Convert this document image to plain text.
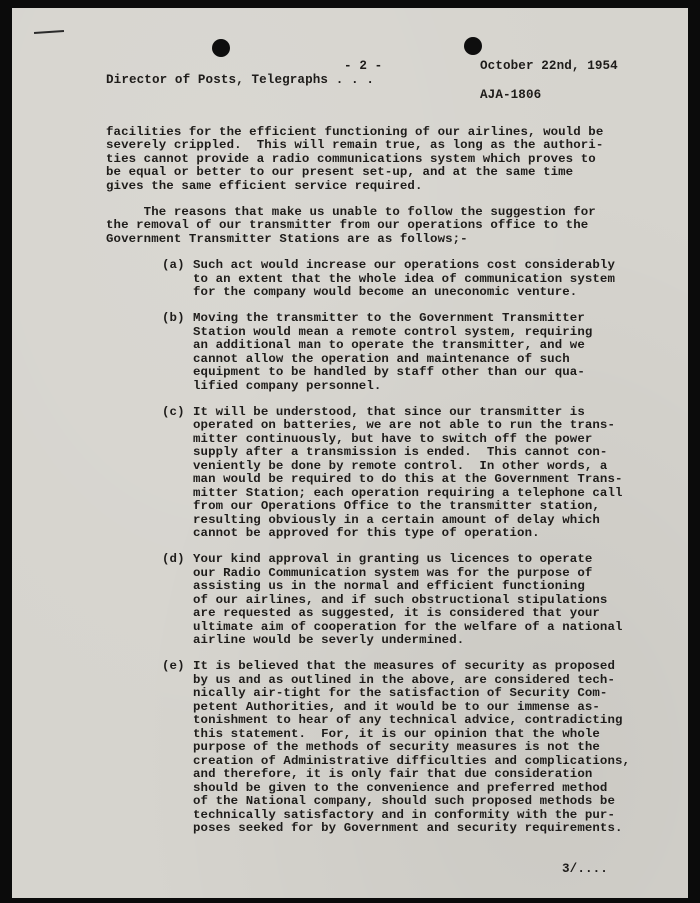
- 2 -	October 22nd, 1954
Director of Posts, Telegraphs . . .
AJA-1806
facilities for the efficient functioning of our airlines, would be
severely crippled.  This will remain true, as long as the authori-
ties cannot provide a radio communications system which proves to
be equal or better to our present set-up, and at the same time
gives the same efficient service required.
The reasons that make us unable to follow the suggestion for
the removal of our transmitter from our operations office to the
Government Transmitter Stations are as follows;-
(a) Such act would increase our operations cost considerably
to an extent that the whole idea of communication system
for the company would become an uneconomic venture.
(b) Moving the transmitter to the Government Transmitter
Station would mean a remote control system, requiring
an additional man to operate the transmitter, and we
cannot allow the operation and maintenance of such
equipment to be handled by staff other than our qua-
lified company personnel.
(c) It will be understood, that since our transmitter is
operated on batteries, we are not able to run the trans-
mitter continuously, but have to switch off the power
supply after a transmission is ended.  This cannot con-
veniently be done by remote control.  In other words, a
man would be required to do this at the Government Trans-
mitter Station; each operation requiring a telephone call
from our Operations Office to the transmitter station,
resulting obviously in a certain amount of delay which
cannot be approved for this type of operation.
(d) Your kind approval in granting us licences to operate
our Radio Communication system was for the purpose of
assisting us in the normal and efficient functioning
of our airlines, and if such obstructional stipulations
are requested as suggested, it is considered that your
ultimate aim of cooperation for the welfare of a national
airline would be severly undermined.
(e) It is believed that the measures of security as proposed
by us and as outlined in the above, are considered tech-
nically air-tight for the satisfaction of Security Com-
petent Authorities, and it would be to our immense as-
tonishment to hear of any technical advice, contradicting
this statement.  For, it is our opinion that the whole
purpose of the methods of security measures is not the
creation of Administrative difficulties and complications,
and therefore, it is only fair that due consideration
should be given to the convenience and preferred method
of the National company, should such proposed methods be
technically satisfactory and in conformity with the pur-
poses seeked for by Government and security requirements.
3/....
